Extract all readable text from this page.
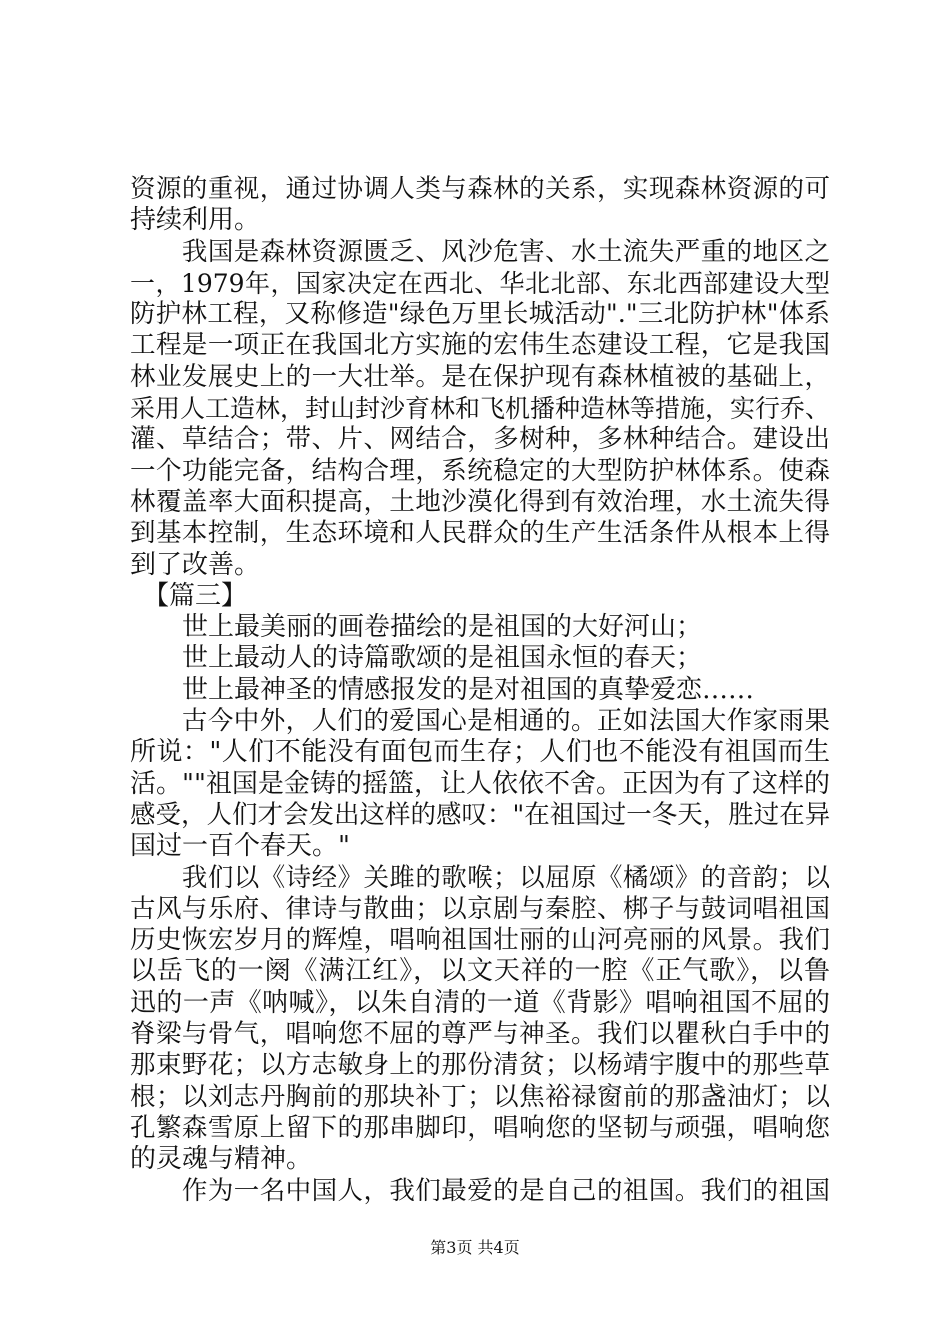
资源的重视，通过协调人类与森林的关系，实现森林资源的可
持续利用。
　　我国是森林资源匮乏、风沙危害、水土流失严重的地区之
一，1979年，国家决定在西北、华北北部、东北西部建设大型
防护林工程，又称修造"绿色万里长城活动"."三北防护林"体系
工程是一项正在我国北方实施的宏伟生态建设工程，它是我国
林业发展史上的一大壮举。是在保护现有森林植被的基础上，
采用人工造林，封山封沙育林和飞机播种造林等措施，实行乔、
灌、草结合；带、片、网结合，多树种，多林种结合。建设出
一个功能完备，结构合理，系统稳定的大型防护林体系。使森
林覆盖率大面积提高，土地沙漠化得到有效治理，水土流失得
到基本控制，生态环境和人民群众的生产生活条件从根本上得
到了改善。
　【篇三】
　　世上最美丽的画卷描绘的是祖国的大好河山；
　　世上最动人的诗篇歌颂的是祖国永恒的春天；
　　世上最神圣的情感报发的是对祖国的真挚爱恋……
　　古今中外，人们的爱国心是相通的。正如法国大作家雨果
所说："人们不能没有面包而生存；人们也不能没有祖国而生
活。""祖国是金铸的摇篮，让人依依不舍。正因为有了这样的
感受，人们才会发出这样的感叹："在祖国过一冬天，胜过在异
国过一百个春天。"
　　我们以《诗经》关雎的歌喉；以屈原《橘颂》的音韵；以
古风与乐府、律诗与散曲；以京剧与秦腔、梆子与鼓词唱祖国
历史恢宏岁月的辉煌，唱响祖国壮丽的山河亮丽的风景。我们
以岳飞的一阕《满江红》，以文天祥的一腔《正气歌》，以鲁
迅的一声《呐喊》，以朱自清的一道《背影》唱响祖国不屈的
脊梁与骨气，唱响您不屈的尊严与神圣。我们以瞿秋白手中的
那束野花；以方志敏身上的那份清贫；以杨靖宇腹中的那些草
根；以刘志丹胸前的那块补丁；以焦裕禄窗前的那盏油灯；以
孔繁森雪原上留下的那串脚印，唱响您的坚韧与顽强，唱响您
的灵魂与精神。
　　作为一名中国人，我们最爱的是自己的祖国。我们的祖国
第3页 共4页
